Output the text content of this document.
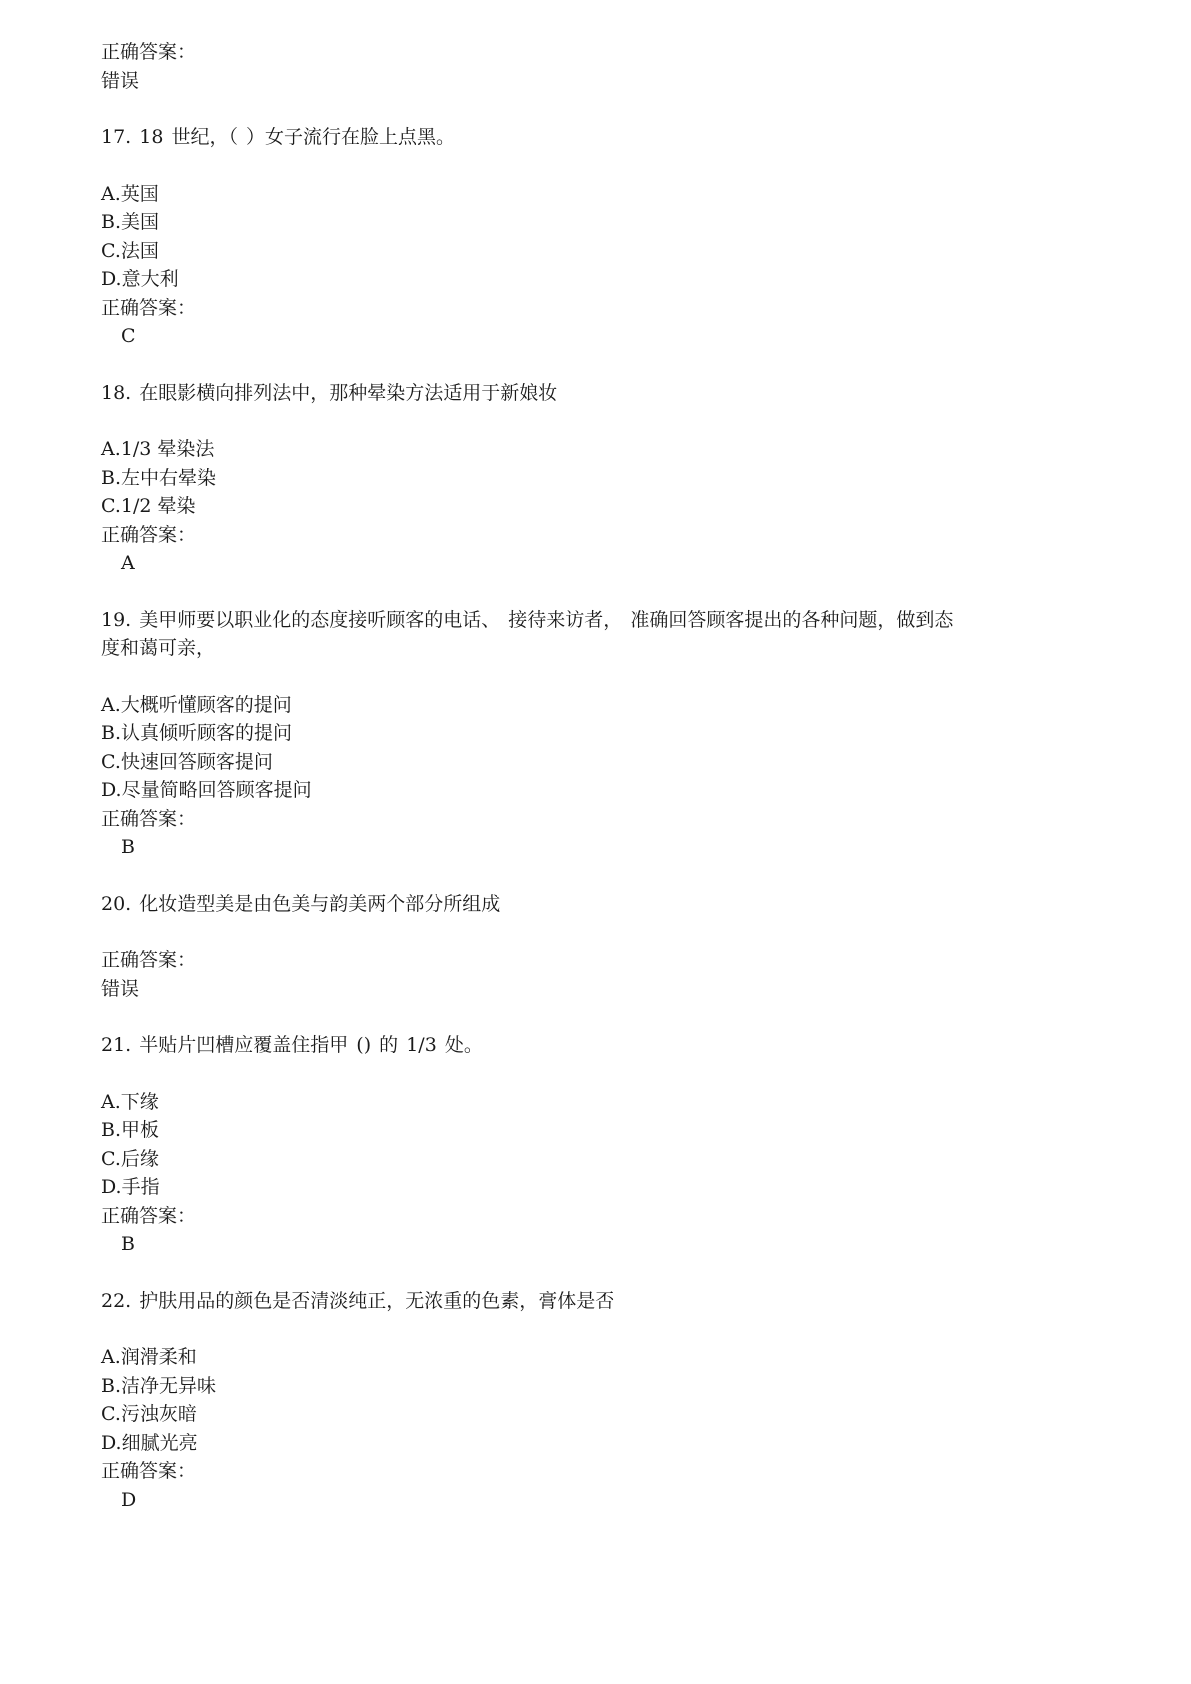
正确答案：
错误
17. 18 世纪，（ ）女子流行在脸上点黑。
A.英国
B.美国
C.法国
D.意大利
正确答案：
C
18. 在眼影横向排列法中，那种晕染方法适用于新娘妆
A.1/3 晕染法
B.左中右晕染
C.1/2 晕染
正确答案：
A
19. 美甲师要以职业化的态度接听顾客的电话、 接待来访者， 准确回答顾客提出的各种问题，做到态
度和蔼可亲，
A.大概听懂顾客的提问
B.认真倾听顾客的提问
C.快速回答顾客提问
D.尽量简略回答顾客提问
正确答案：
B
20. 化妆造型美是由色美与韵美两个部分所组成
正确答案：
错误
21. 半贴片凹槽应覆盖住指甲 () 的 1/3 处。
A.下缘
B.甲板
C.后缘
D.手指
正确答案：
B
22. 护肤用品的颜色是否清淡纯正，无浓重的色素，膏体是否
A.润滑柔和
B.洁净无异味
C.污浊灰暗
D.细腻光亮
正确答案：
D
